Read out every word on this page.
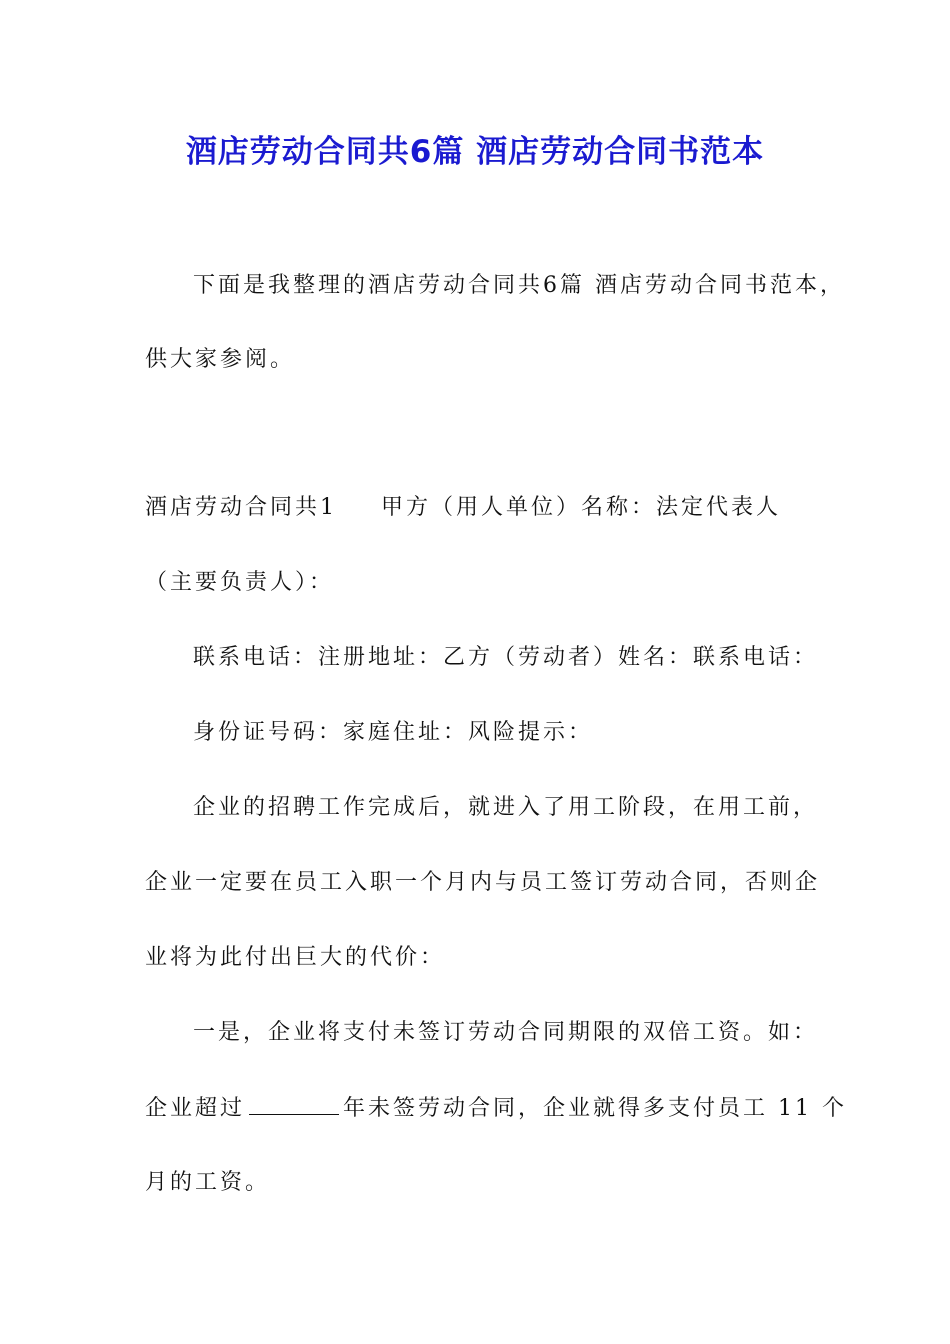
酒店劳动合同共6篇 酒店劳动合同书范本
下面是我整理的酒店劳动合同共6篇 酒店劳动合同书范本，
供大家参阅。
酒店劳动合同共1 甲方（用人单位）名称：法定代表人
（主要负责人）：
联系电话：注册地址：乙方（劳动者）姓名：联系电话：
身份证号码：家庭住址：风险提示：
企业的招聘工作完成后，就进入了用工阶段，在用工前，
企业一定要在员工入职一个月内与员工签订劳动合同，否则企
业将为此付出巨大的代价：
一是，企业将支付未签订劳动合同期限的双倍工资。如：
企业超过	年未签劳动合同，企业就得多支付员工 11 个
月的工资。
